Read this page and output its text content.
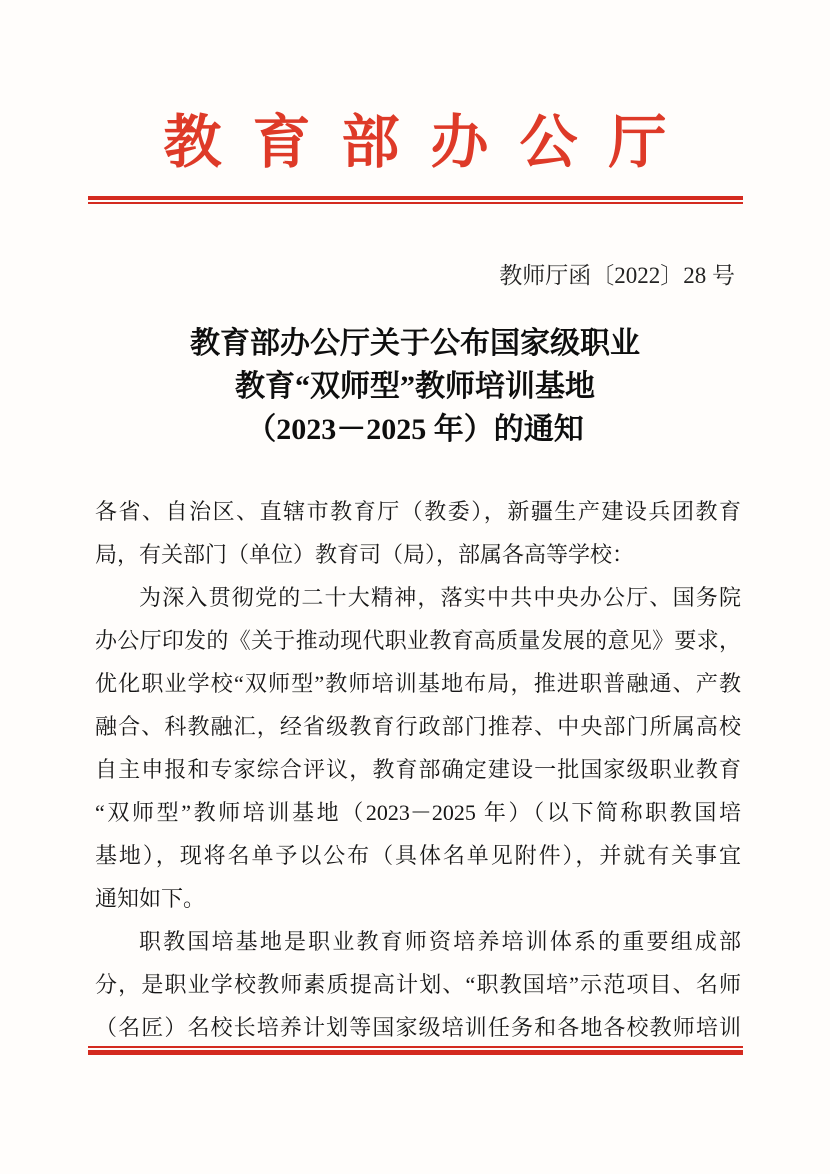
教育部办公厅
教师厅函〔2022〕28 号
教育部办公厅关于公布国家级职业
教育“双师型”教师培训基地
（2023－2025 年）的通知
各省、自治区、直辖市教育厅（教委），新疆生产建设兵团教育
局，有关部门（单位）教育司（局），部属各高等学校：
为深入贯彻党的二十大精神，落实中共中央办公厅、国务院
办公厅印发的《关于推动现代职业教育高质量发展的意见》要求，
优化职业学校“双师型”教师培训基地布局，推进职普融通、产教
融合、科教融汇，经省级教育行政部门推荐、中央部门所属高校
自主申报和专家综合评议，教育部确定建设一批国家级职业教育
“双师型”教师培训基地（2023－2025 年）（以下简称职教国培
基地），现将名单予以公布（具体名单见附件），并就有关事宜
通知如下。
职教国培基地是职业教育师资培养培训体系的重要组成部
分，是职业学校教师素质提高计划、“职教国培”示范项目、名师
（名匠）名校长培养计划等国家级培训任务和各地各校教师培训
